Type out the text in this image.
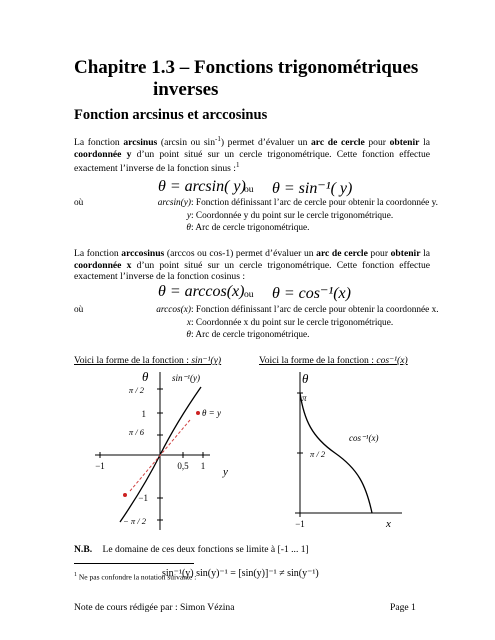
Chapitre 1.3 – Fonctions trigonométriques
inverses
Fonction arcsinus et arccosinus
La fonction arcsinus (arcsin ou $\sin^{-1}$) permet d’évaluer un arc de cercle pour obtenir la coordonnée y d’un point situé sur un cercle trigonométrique. Cette fonction effectue exactement l’inverse de la fonction sinus :$^1$
θ = arcsin( y)
ou θ = sin⁻¹( y)
où	arcsin(y) : Fonction définissant l’arc de cercle pour obtenir la coordonnée y.
y : Coordonnée y du point sur le cercle trigonométrique.
θ : Arc de cercle trigonométrique.
La fonction arccosinus (arccos ou cos-1) permet d’évaluer un arc de cercle pour obtenir la coordonnée x d’un point situé sur un cercle trigonométrique. Cette fonction effectue exactement l’inverse de la fonction cosinus :
θ = arccos(x) ou θ = cos⁻¹(x)
où	arccos(x) : Fonction définissant l’arc de cercle pour obtenir la coordonnée x.
x : Coordonnée x du point sur le cercle trigonométrique.
θ : Arc de cercle trigonométrique.
Voici la forme de la fonction : sin⁻¹(y)	Voici la forme de la fonction : cos⁻¹(x)
θ	sin⁻¹(y)
θ = y
π / 2
1
π / 6
−1
− π / 2
−1	0,5 1 y
θ
π
π / 2
cos⁻¹(x)
−1	x
N.B. Le domaine de ces deux fonctions se limite à [-1 ... 1]
$^1$ Ne pas confondre la notation suivante :
sin⁻¹(y) sin(y)⁻¹ = [sin(y)]⁻¹ ≠ sin(y⁻¹)
Note de cours rédigée par : Simon Vézina	Page 1
